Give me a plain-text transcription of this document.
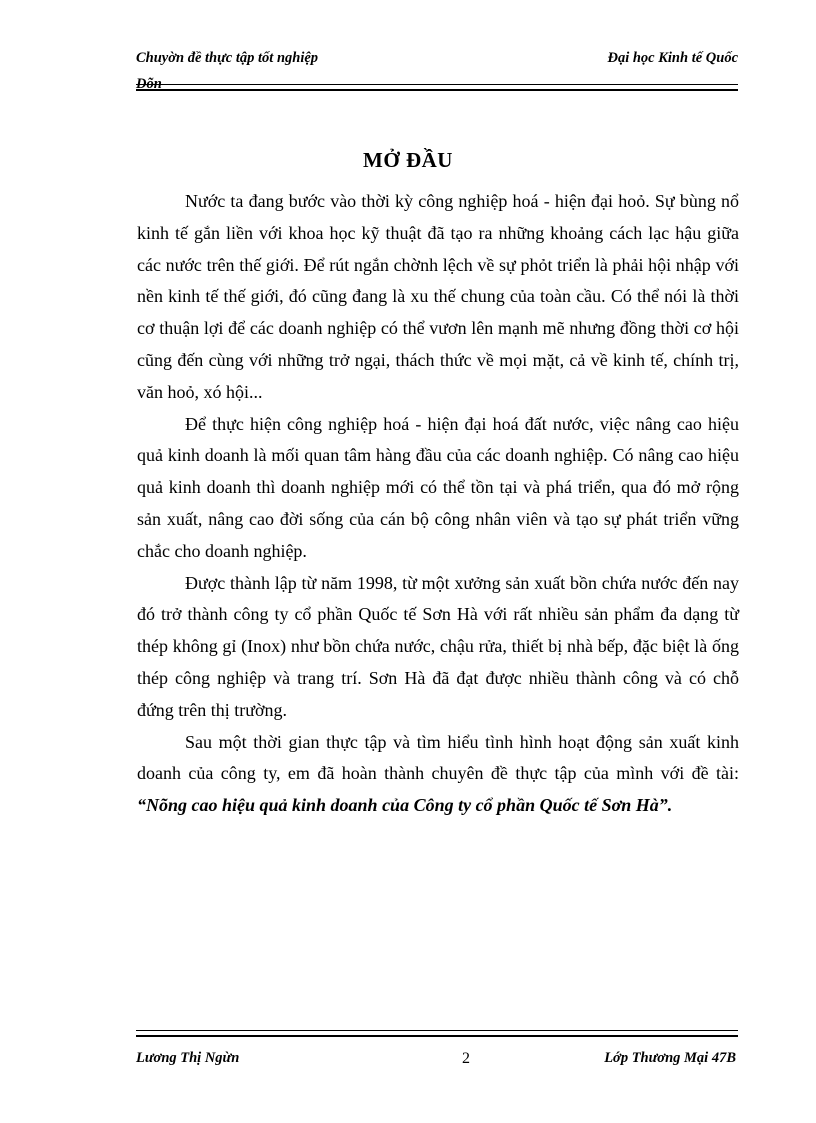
Chuyờn đề thực tập tốt nghiệp	Đại học Kinh tế Quốc
Dõn
MỞ ĐẦU

Nước ta đang bước vào thời kỳ công nghiệp hoá - hiện đại hoỏ. Sự bùng nổ kinh tế gắn liền với khoa học kỹ thuật đã tạo ra những khoảng cách lạc hậu giữa các nước trên thế giới. Để rút ngắn chờnh lệch về sự phỏt triển là phải hội nhập với nền kinh tế thế giới, đó cũng đang là xu thế chung của toàn cầu. Có thể nói là thời cơ thuận lợi để các doanh nghiệp có thể vươn lên mạnh mẽ nhưng đồng thời cơ hội cũng đến cùng với những trở ngại, thách thức về mọi mặt, cả về kinh tế, chính trị, văn hoỏ, xó hội...

Để thực hiện công nghiệp hoá - hiện đại hoá đất nước, việc nâng cao hiệu quả kinh doanh là mối quan tâm hàng đầu của các doanh nghiệp. Có nâng cao hiệu quả kinh doanh thì doanh nghiệp mới có thể tồn tại và phá triển, qua đó mở rộng sản xuất, nâng cao đời sống của cán bộ công nhân viên và tạo sự phát triển vững chắc cho doanh nghiệp.

Được thành lập từ năm 1998, từ một xưởng sản xuất bồn chứa nước đến nay đó trở thành công ty cổ phần Quốc tế Sơn Hà với rất nhiều sản phẩm đa dạng từ thép không gỉ (Inox) như bồn chứa nước, chậu rửa, thiết bị nhà bếp, đặc biệt là ống thép công nghiệp và trang trí. Sơn Hà đã đạt được nhiều thành công và có chỗ đứng trên thị trường.

Sau một thời gian thực tập và tìm hiểu tình hình hoạt động sản xuất kinh doanh của công ty, em đã hoàn thành chuyên đề thực tập của mình với đề tài: “Nõng cao hiệu quả kinh doanh của Công ty cổ phần Quốc tế Sơn Hà”.

Lương Thị Ngừn	2	Lớp Thương Mại 47B
